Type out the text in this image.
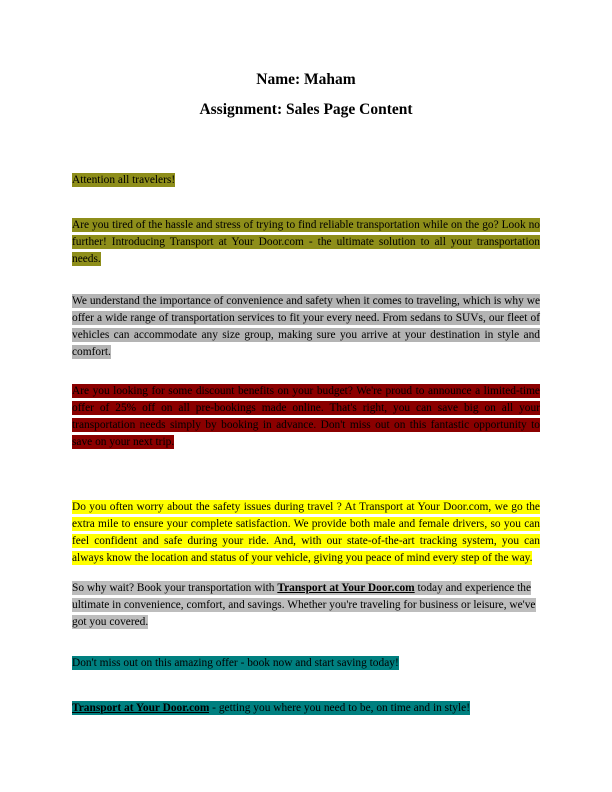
Name: Maham

Assignment: Sales Page Content

Attention all travelers!

Are you tired of the hassle and stress of trying to find reliable transportation while on the go? Look no further! Introducing Transport at Your Door.com - the ultimate solution to all your transportation needs.

We understand the importance of convenience and safety when it comes to traveling, which is why we offer a wide range of transportation services to fit your every need. From sedans to SUVs, our fleet of vehicles can accommodate any size group, making sure you arrive at your destination in style and comfort.

Are you looking for some discount benefits on your budget? We're proud to announce a limited-time offer of 25% off on all pre-bookings made online. That's right, you can save big on all your transportation needs simply by booking in advance. Don't miss out on this fantastic opportunity to save on your next trip.

Do you often worry about the safety issues during travel ? At Transport at Your Door.com, we go the extra mile to ensure your complete satisfaction. We provide both male and female drivers, so you can feel confident and safe during your ride. And, with our state-of-the-art tracking system, you can always know the location and status of your vehicle, giving you peace of mind every step of the way.

So why wait? Book your transportation with Transport at Your Door.com today and experience the ultimate in convenience, comfort, and savings. Whether you're traveling for business or leisure, we've got you covered.

Don't miss out on this amazing offer - book now and start saving today!

Transport at Your Door.com - getting you where you need to be, on time and in style!
